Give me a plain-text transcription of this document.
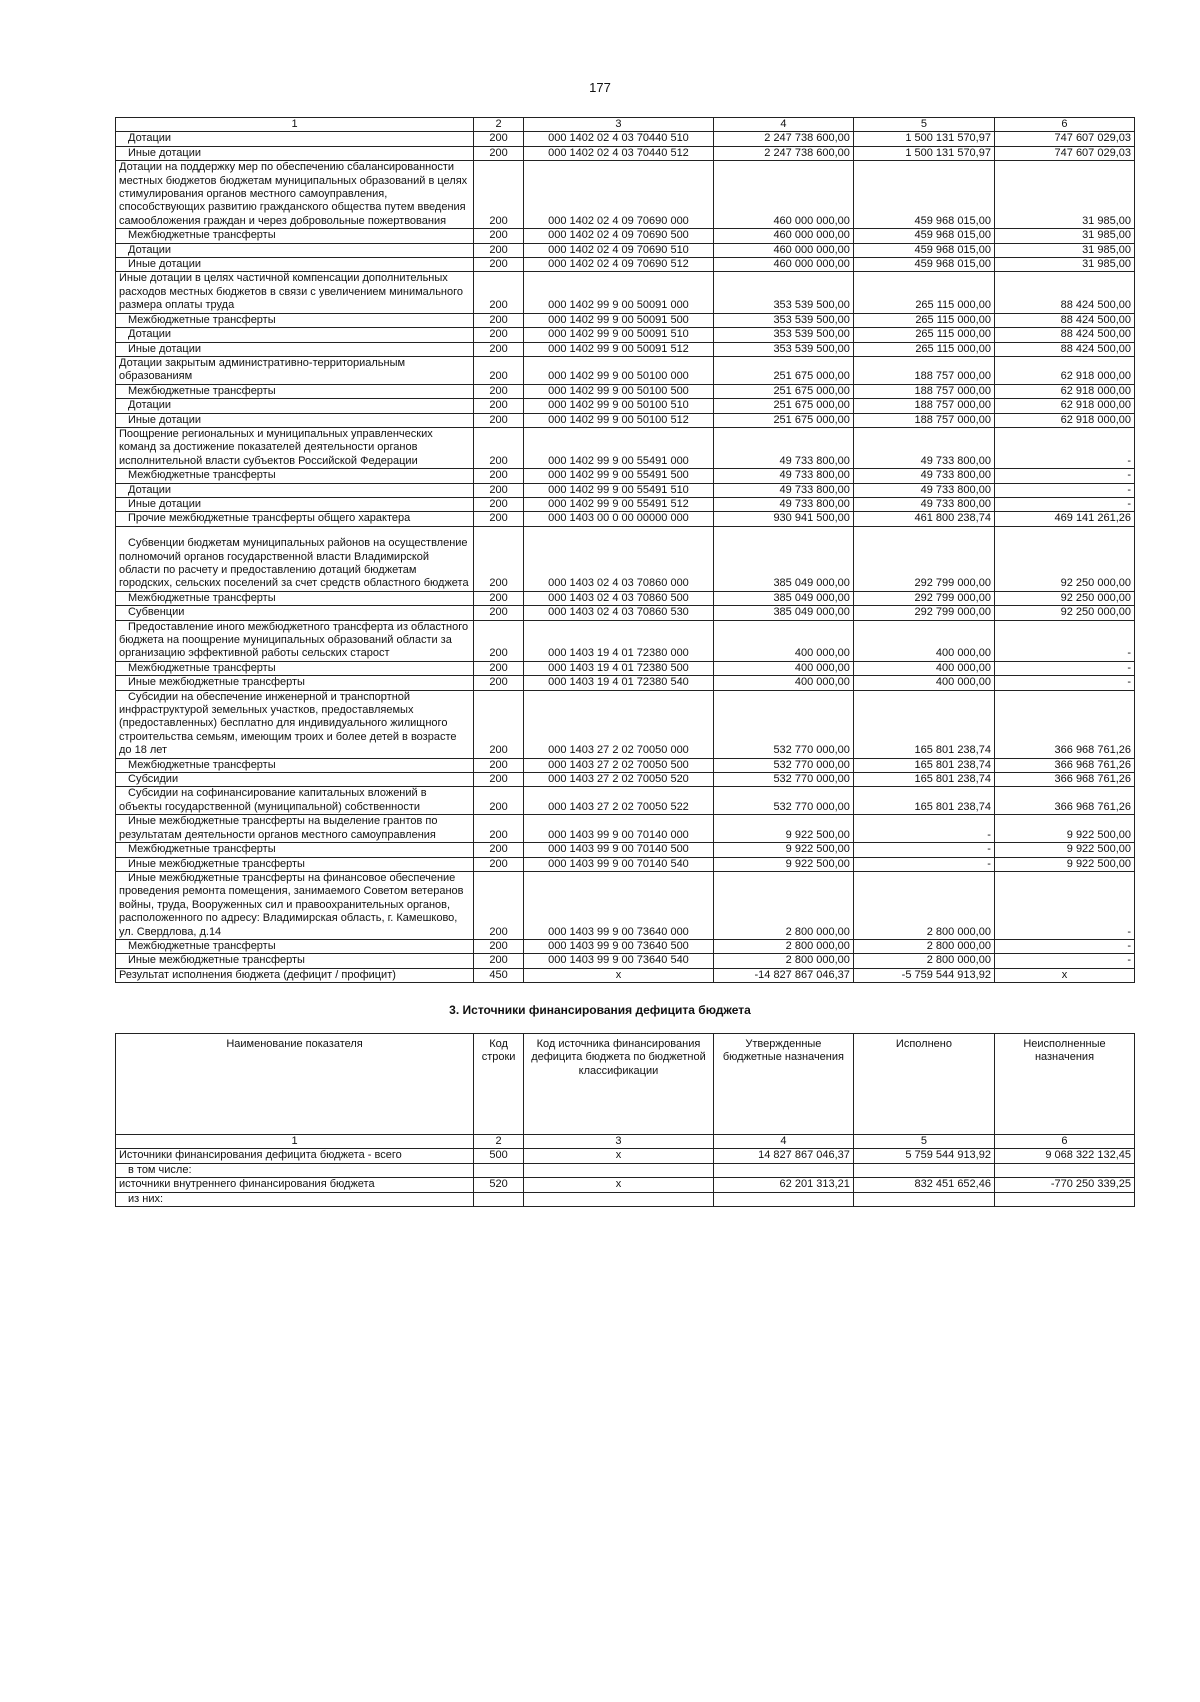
177
1	2	3	4	5	6
Дотации	200	000 1402 02 4 03 70440 510	2 247 738 600,00	1 500 131 570,97	747 607 029,03
Иные дотации	200	000 1402 02 4 03 70440 512	2 247 738 600,00	1 500 131 570,97	747 607 029,03
Дотации на поддержку мер по обеспечению сбалансированности местных бюджетов бюджетам муниципальных образований в целях стимулирования органов местного самоуправления, способствующих развитию гражданского общества путем введения самообложения граждан и через добровольные пожертвования	200	000 1402 02 4 09 70690 000	460 000 000,00	459 968 015,00	31 985,00
Межбюджетные трансферты	200	000 1402 02 4 09 70690 500	460 000 000,00	459 968 015,00	31 985,00
Дотации	200	000 1402 02 4 09 70690 510	460 000 000,00	459 968 015,00	31 985,00
Иные дотации	200	000 1402 02 4 09 70690 512	460 000 000,00	459 968 015,00	31 985,00
Иные дотации в целях частичной компенсации дополнительных расходов местных бюджетов в связи с увеличением минимального размера оплаты труда	200	000 1402 99 9 00 50091 000	353 539 500,00	265 115 000,00	88 424 500,00
Межбюджетные трансферты	200	000 1402 99 9 00 50091 500	353 539 500,00	265 115 000,00	88 424 500,00
Дотации	200	000 1402 99 9 00 50091 510	353 539 500,00	265 115 000,00	88 424 500,00
Иные дотации	200	000 1402 99 9 00 50091 512	353 539 500,00	265 115 000,00	88 424 500,00
Дотации закрытым административно-территориальным образованиям	200	000 1402 99 9 00 50100 000	251 675 000,00	188 757 000,00	62 918 000,00
Межбюджетные трансферты	200	000 1402 99 9 00 50100 500	251 675 000,00	188 757 000,00	62 918 000,00
Дотации	200	000 1402 99 9 00 50100 510	251 675 000,00	188 757 000,00	62 918 000,00
Иные дотации	200	000 1402 99 9 00 50100 512	251 675 000,00	188 757 000,00	62 918 000,00
Поощрение региональных и муниципальных управленческих команд за достижение показателей деятельности органов исполнительной власти субъектов Российской Федерации	200	000 1402 99 9 00 55491 000	49 733 800,00	49 733 800,00	-
Межбюджетные трансферты	200	000 1402 99 9 00 55491 500	49 733 800,00	49 733 800,00	-
Дотации	200	000 1402 99 9 00 55491 510	49 733 800,00	49 733 800,00	-
Иные дотации	200	000 1402 99 9 00 55491 512	49 733 800,00	49 733 800,00	-
Прочие межбюджетные трансферты общего характера	200	000 1403 00 0 00 00000 000	930 941 500,00	461 800 238,74	469 141 261,26
Субвенции бюджетам муниципальных районов на осуществление полномочий органов государственной власти Владимирской области по расчету и предоставлению дотаций бюджетам городских, сельских поселений за счет средств областного бюджета	200	000 1403 02 4 03 70860 000	385 049 000,00	292 799 000,00	92 250 000,00
Межбюджетные трансферты	200	000 1403 02 4 03 70860 500	385 049 000,00	292 799 000,00	92 250 000,00
Субвенции	200	000 1403 02 4 03 70860 530	385 049 000,00	292 799 000,00	92 250 000,00
Предоставление иного межбюджетного трансферта из областного бюджета на поощрение муниципальных образований области за организацию эффективной работы сельских старост	200	000 1403 19 4 01 72380 000	400 000,00	400 000,00	-
Межбюджетные трансферты	200	000 1403 19 4 01 72380 500	400 000,00	400 000,00	-
Иные межбюджетные трансферты	200	000 1403 19 4 01 72380 540	400 000,00	400 000,00	-
Субсидии на обеспечение инженерной и транспортной инфраструктурой земельных участков, предоставляемых (предоставленных) бесплатно для индивидуального жилищного строительства семьям, имеющим троих и более детей в возрасте до 18 лет	200	000 1403 27 2 02 70050 000	532 770 000,00	165 801 238,74	366 968 761,26
Межбюджетные трансферты	200	000 1403 27 2 02 70050 500	532 770 000,00	165 801 238,74	366 968 761,26
Субсидии	200	000 1403 27 2 02 70050 520	532 770 000,00	165 801 238,74	366 968 761,26
Субсидии на софинансирование капитальных вложений в объекты государственной (муниципальной) собственности	200	000 1403 27 2 02 70050 522	532 770 000,00	165 801 238,74	366 968 761,26
Иные межбюджетные трансферты на выделение грантов по результатам деятельности органов местного самоуправления	200	000 1403 99 9 00 70140 000	9 922 500,00	-	9 922 500,00
Межбюджетные трансферты	200	000 1403 99 9 00 70140 500	9 922 500,00	-	9 922 500,00
Иные межбюджетные трансферты	200	000 1403 99 9 00 70140 540	9 922 500,00	-	9 922 500,00
Иные межбюджетные трансферты на финансовое обеспечение проведения ремонта помещения, занимаемого Советом ветеранов войны, труда, Вооруженных сил и правоохранительных органов, расположенного по адресу: Владимирская область, г. Камешково, ул. Свердлова, д.14	200	000 1403 99 9 00 73640 000	2 800 000,00	2 800 000,00	-
Межбюджетные трансферты	200	000 1403 99 9 00 73640 500	2 800 000,00	2 800 000,00	-
Иные межбюджетные трансферты	200	000 1403 99 9 00 73640 540	2 800 000,00	2 800 000,00	-
Результат исполнения бюджета (дефицит / профицит)	450	x	-14 827 867 046,37	-5 759 544 913,92	x
3. Источники финансирования дефицита бюджета
Наименование показателя	Код строки	Код источника финансирования дефицита бюджета по бюджетной классификации	Утвержденные бюджетные назначения	Исполнено	Неисполненные назначения
1	2	3	4	5	6
Источники финансирования дефицита бюджета - всего	500	x	14 827 867 046,37	5 759 544 913,92	9 068 322 132,45
в том числе:					
источники внутреннего финансирования бюджета	520	x	62 201 313,21	832 451 652,46	-770 250 339,25
из них:					
